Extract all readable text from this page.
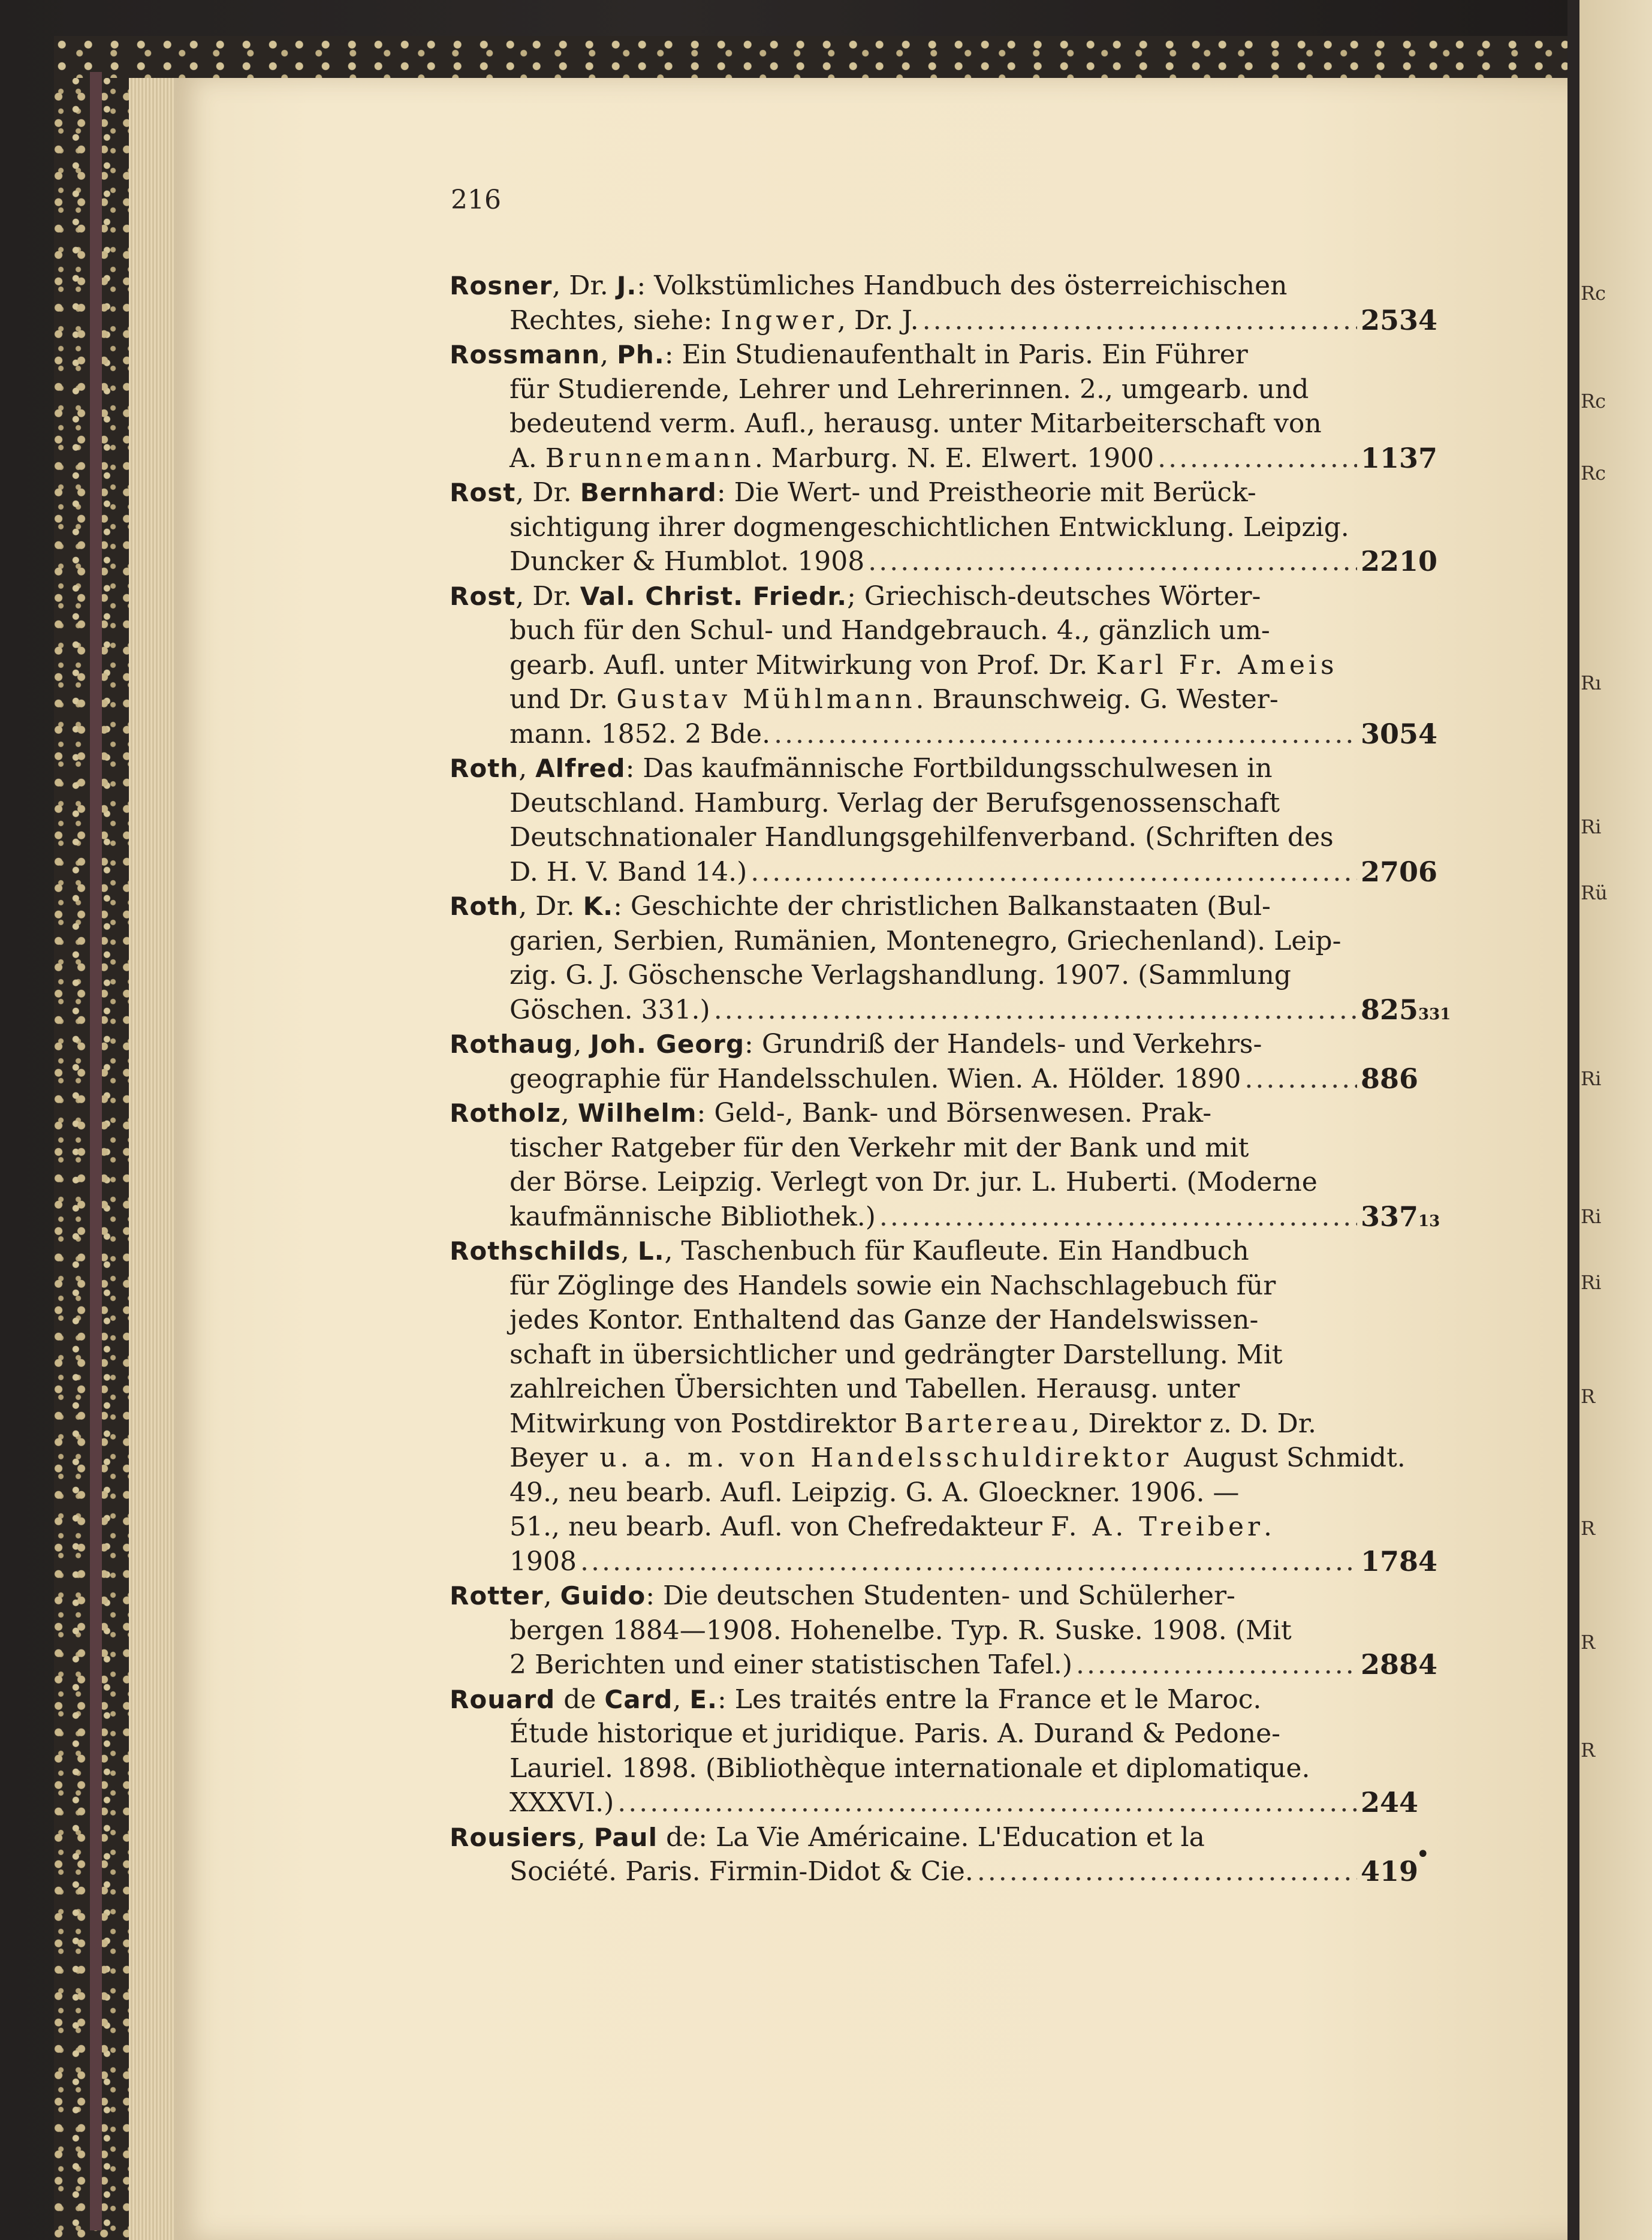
Rc
Rc
Rc
Rı
Ri
Rü
Ri
Ri
Ri
R
R
R
R
216
Rosner, Dr. J.: Volkstümliches Handbuch des österreichischen
Rechtes, siehe: Ingwer, Dr. J. .....	2534
Rossmann, Ph.: Ein Studienaufenthalt in Paris. Ein Führer
für Studierende, Lehrer und Lehrerinnen. 2., umgearb. und
bedeutend verm. Aufl., herausg. unter Mitarbeiterschaft von
A. Brunnemann. Marburg. N. E. Elwert. 1900 .....	1137
Rost, Dr. Bernhard: Die Wert- und Preistheorie mit Berück-
sichtigung ihrer dogmengeschichtlichen Entwicklung. Leipzig.
Duncker & Humblot. 1908 .....	2210
Rost, Dr. Val. Christ. Friedr.; Griechisch-deutsches Wörter-
buch für den Schul- und Handgebrauch. 4., gänzlich um-
gearb. Aufl. unter Mitwirkung von Prof. Dr. Karl Fr. Ameis
und Dr. Gustav Mühlmann. Braunschweig. G. Wester-
mann. 1852. 2 Bde. .....	3054
Roth, Alfred: Das kaufmännische Fortbildungsschulwesen in
Deutschland. Hamburg. Verlag der Berufsgenossenschaft
Deutschnationaler Handlungsgehilfenverband. (Schriften des
D. H. V. Band 14.) .....	2706
Roth, Dr. K.: Geschichte der christlichen Balkanstaaten (Bul-
garien, Serbien, Rumänien, Montenegro, Griechenland). Leip-
zig. G. J. Göschensche Verlagshandlung. 1907. (Sammlung
Göschen. 331.) .....	825331
Rothaug, Joh. Georg: Grundriß der Handels- und Verkehrs-
geographie für Handelsschulen. Wien. A. Hölder. 1890 .....	886
Rotholz, Wilhelm: Geld-, Bank- und Börsenwesen. Prak-
tischer Ratgeber für den Verkehr mit der Bank und mit
der Börse. Leipzig. Verlegt von Dr. jur. L. Huberti. (Moderne
kaufmännische Bibliothek.) .....	33713
Rothschilds, L., Taschenbuch für Kaufleute. Ein Handbuch
für Zöglinge des Handels sowie ein Nachschlagebuch für
jedes Kontor. Enthaltend das Ganze der Handelswissen-
schaft in übersichtlicher und gedrängter Darstellung. Mit
zahlreichen Übersichten und Tabellen. Herausg. unter
Mitwirkung von Postdirektor Bartereau, Direktor z. D. Dr.
Beyer u. a. m. von Handelsschuldirektor August Schmidt.
49., neu bearb. Aufl. Leipzig. G. A. Gloeckner. 1906. —
51., neu bearb. Aufl. von Chefredakteur F. A. Treiber.
1908 .....	1784
Rotter, Guido: Die deutschen Studenten- und Schülerher-
bergen 1884—1908. Hohenelbe. Typ. R. Suske. 1908. (Mit
2 Berichten und einer statistischen Tafel.) .....	2884
Rouard de Card, E.: Les traités entre la France et le Maroc.
Étude historique et juridique. Paris. A. Durand & Pedone-
Lauriel. 1898. (Bibliothèque internationale et diplomatique.
XXXVI.) .....	244
Rousiers, Paul de: La Vie Américaine. L'Education et la
Société. Paris. Firmin-Didot & Cie. .....	419
•
